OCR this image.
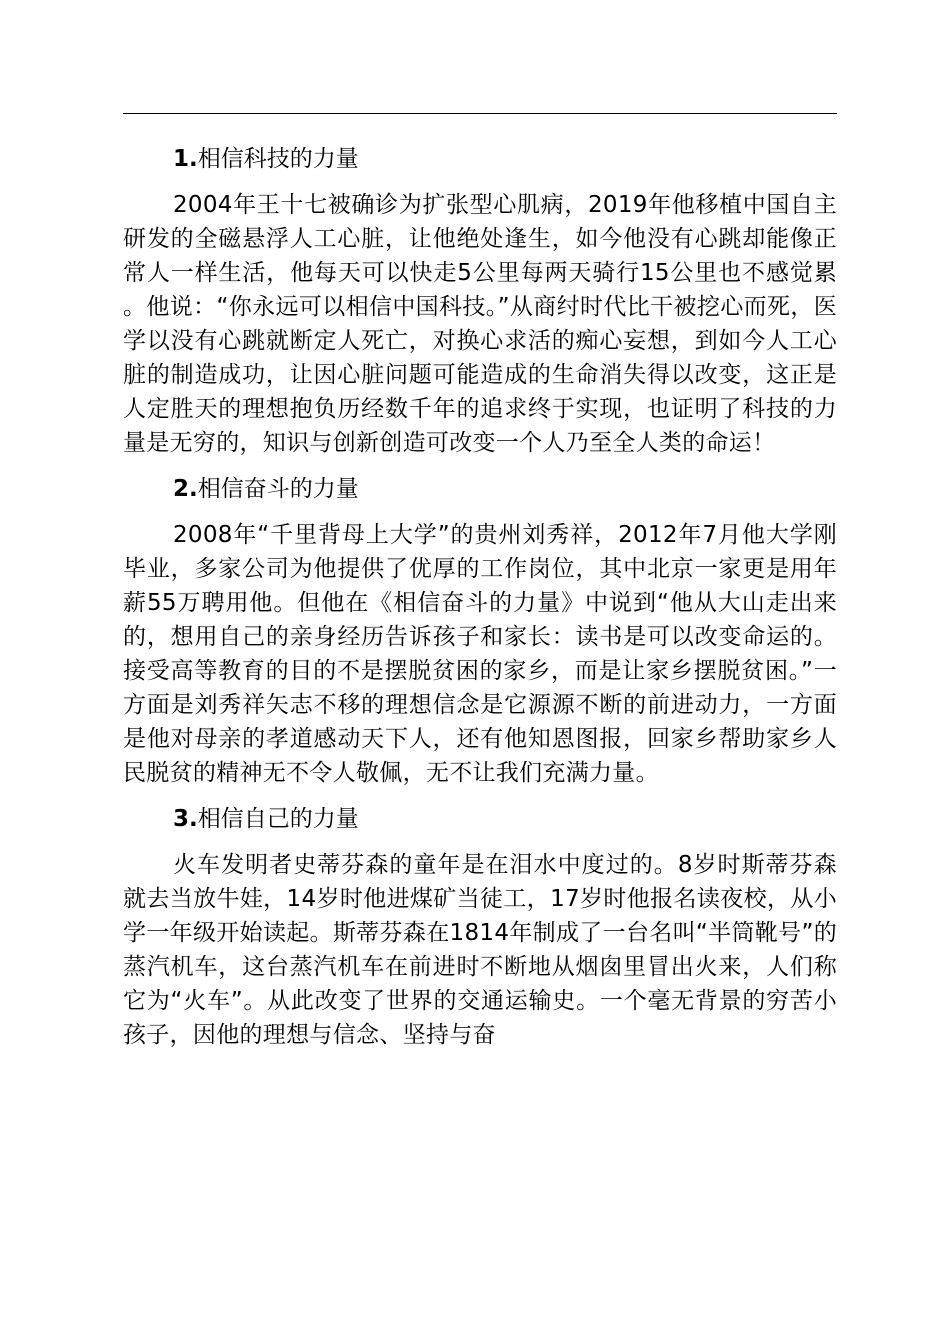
1.相信科技的力量

2004年王十七被确诊为扩张型心肌病，2019年他移植中国自主研发的全磁悬浮人工心脏，让他绝处逢生，如今他没有心跳却能像正常人一样生活，他每天可以快走5公里每两天骑行15公里也不感觉累。他说：“你永远可以相信中国科技。”从商纣时代比干被挖心而死，医学以没有心跳就断定人死亡，对换心求活的痴心妄想，到如今人工心脏的制造成功，让因心脏问题可能造成的生命消失得以改变，这正是人定胜天的理想抱负历经数千年的追求终于实现，也证明了科技的力量是无穷的，知识与创新创造可改变一个人乃至全人类的命运！

2.相信奋斗的力量

2008年“千里背母上大学”的贵州刘秀祥，2012年7月他大学刚毕业，多家公司为他提供了优厚的工作岗位，其中北京一家更是用年薪55万聘用他。但他在《相信奋斗的力量》中说到“他从大山走出来的，想用自己的亲身经历告诉孩子和家长：读书是可以改变命运的。接受高等教育的目的不是摆脱贫困的家乡，而是让家乡摆脱贫困。”一方面是刘秀祥矢志不移的理想信念是它源源不断的前进动力，一方面是他对母亲的孝道感动天下人，还有他知恩图报，回家乡帮助家乡人民脱贫的精神无不令人敬佩，无不让我们充满力量。

3.相信自己的力量

火车发明者史蒂芬森的童年是在泪水中度过的。8岁时斯蒂芬森就去当放牛娃，14岁时他进煤矿当徒工，17岁时他报名读夜校，从小学一年级开始读起。斯蒂芬森在1814年制成了一台名叫“半筒靴号”的蒸汽机车，这台蒸汽机车在前进时不断地从烟囱里冒出火来，人们称它为“火车”。从此改变了世界的交通运输史。一个毫无背景的穷苦小孩子，因他的理想与信念、坚持与奋
